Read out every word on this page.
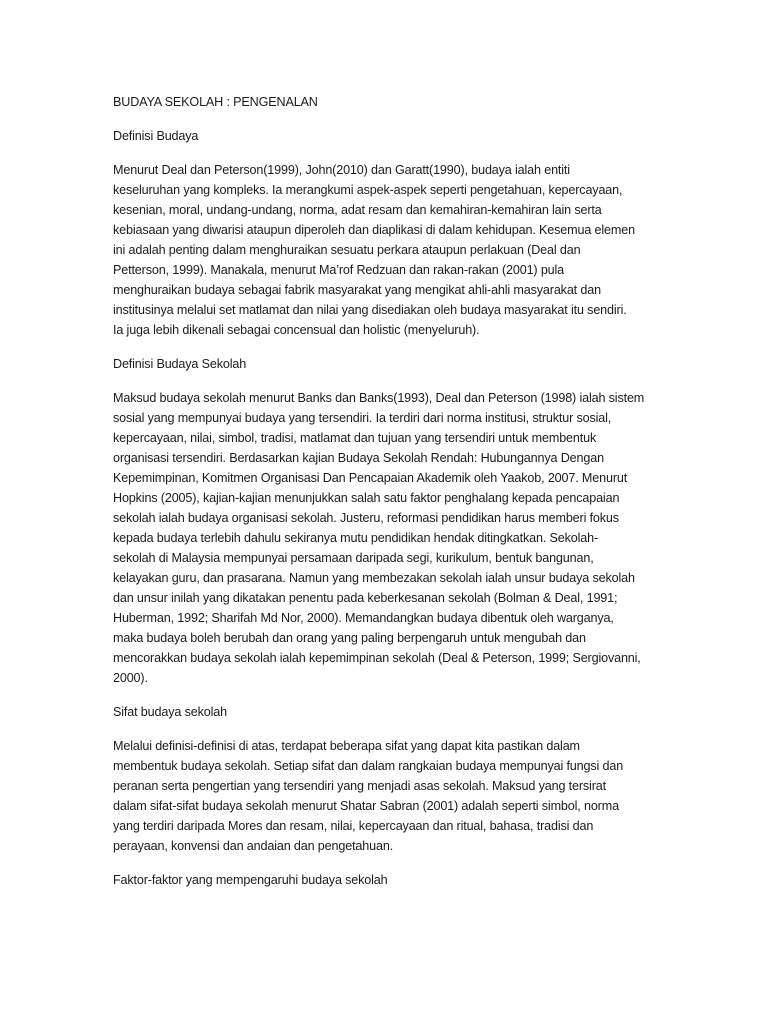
BUDAYA SEKOLAH : PENGENALAN
Definisi Budaya
Menurut Deal dan Peterson(1999), John(2010) dan Garatt(1990), budaya ialah entiti
keseluruhan yang kompleks. Ia merangkumi aspek-aspek seperti pengetahuan, kepercayaan,
kesenian, moral, undang-undang, norma, adat resam dan kemahiran-kemahiran lain serta
kebiasaan yang diwarisi ataupun diperoleh dan diaplikasi di dalam kehidupan. Kesemua elemen
ini adalah penting dalam menghuraikan sesuatu perkara ataupun perlakuan (Deal dan
Petterson, 1999). Manakala, menurut Ma’rof Redzuan dan rakan-rakan (2001) pula
menghuraikan budaya sebagai fabrik masyarakat yang mengikat ahli-ahli masyarakat dan
institusinya melalui set matlamat dan nilai yang disediakan oleh budaya masyarakat itu sendiri.
Ia juga lebih dikenali sebagai concensual dan holistic (menyeluruh).
Definisi Budaya Sekolah
Maksud budaya sekolah menurut Banks dan Banks(1993), Deal dan Peterson (1998) ialah sistem
sosial yang mempunyai budaya yang tersendiri. Ia terdiri dari norma institusi, struktur sosial,
kepercayaan, nilai, simbol, tradisi, matlamat dan tujuan yang tersendiri untuk membentuk
organisasi tersendiri. Berdasarkan kajian Budaya Sekolah Rendah: Hubungannya Dengan
Kepemimpinan, Komitmen Organisasi Dan Pencapaian Akademik oleh Yaakob, 2007. Menurut
Hopkins (2005), kajian-kajian menunjukkan salah satu faktor penghalang kepada pencapaian
sekolah ialah budaya organisasi sekolah. Justeru, reformasi pendidikan harus memberi fokus
kepada budaya terlebih dahulu sekiranya mutu pendidikan hendak ditingkatkan. Sekolah-
sekolah di Malaysia mempunyai persamaan daripada segi, kurikulum, bentuk bangunan,
kelayakan guru, dan prasarana. Namun yang membezakan sekolah ialah unsur budaya sekolah
dan unsur inilah yang dikatakan penentu pada keberkesanan sekolah (Bolman & Deal, 1991;
Huberman, 1992; Sharifah Md Nor, 2000). Memandangkan budaya dibentuk oleh warganya,
maka budaya boleh berubah dan orang yang paling berpengaruh untuk mengubah dan
mencorakkan budaya sekolah ialah kepemimpinan sekolah (Deal & Peterson, 1999; Sergiovanni,
2000).
Sifat budaya sekolah
Melalui definisi-definisi di atas, terdapat beberapa sifat yang dapat kita pastikan dalam
membentuk budaya sekolah. Setiap sifat dan dalam rangkaian budaya mempunyai fungsi dan
peranan serta pengertian yang tersendiri yang menjadi asas sekolah. Maksud yang tersirat
dalam sifat-sifat budaya sekolah menurut Shatar Sabran (2001) adalah seperti simbol, norma
yang terdiri daripada Mores dan resam, nilai, kepercayaan dan ritual, bahasa, tradisi dan
perayaan, konvensi dan andaian dan pengetahuan.
Faktor-faktor yang mempengaruhi budaya sekolah
